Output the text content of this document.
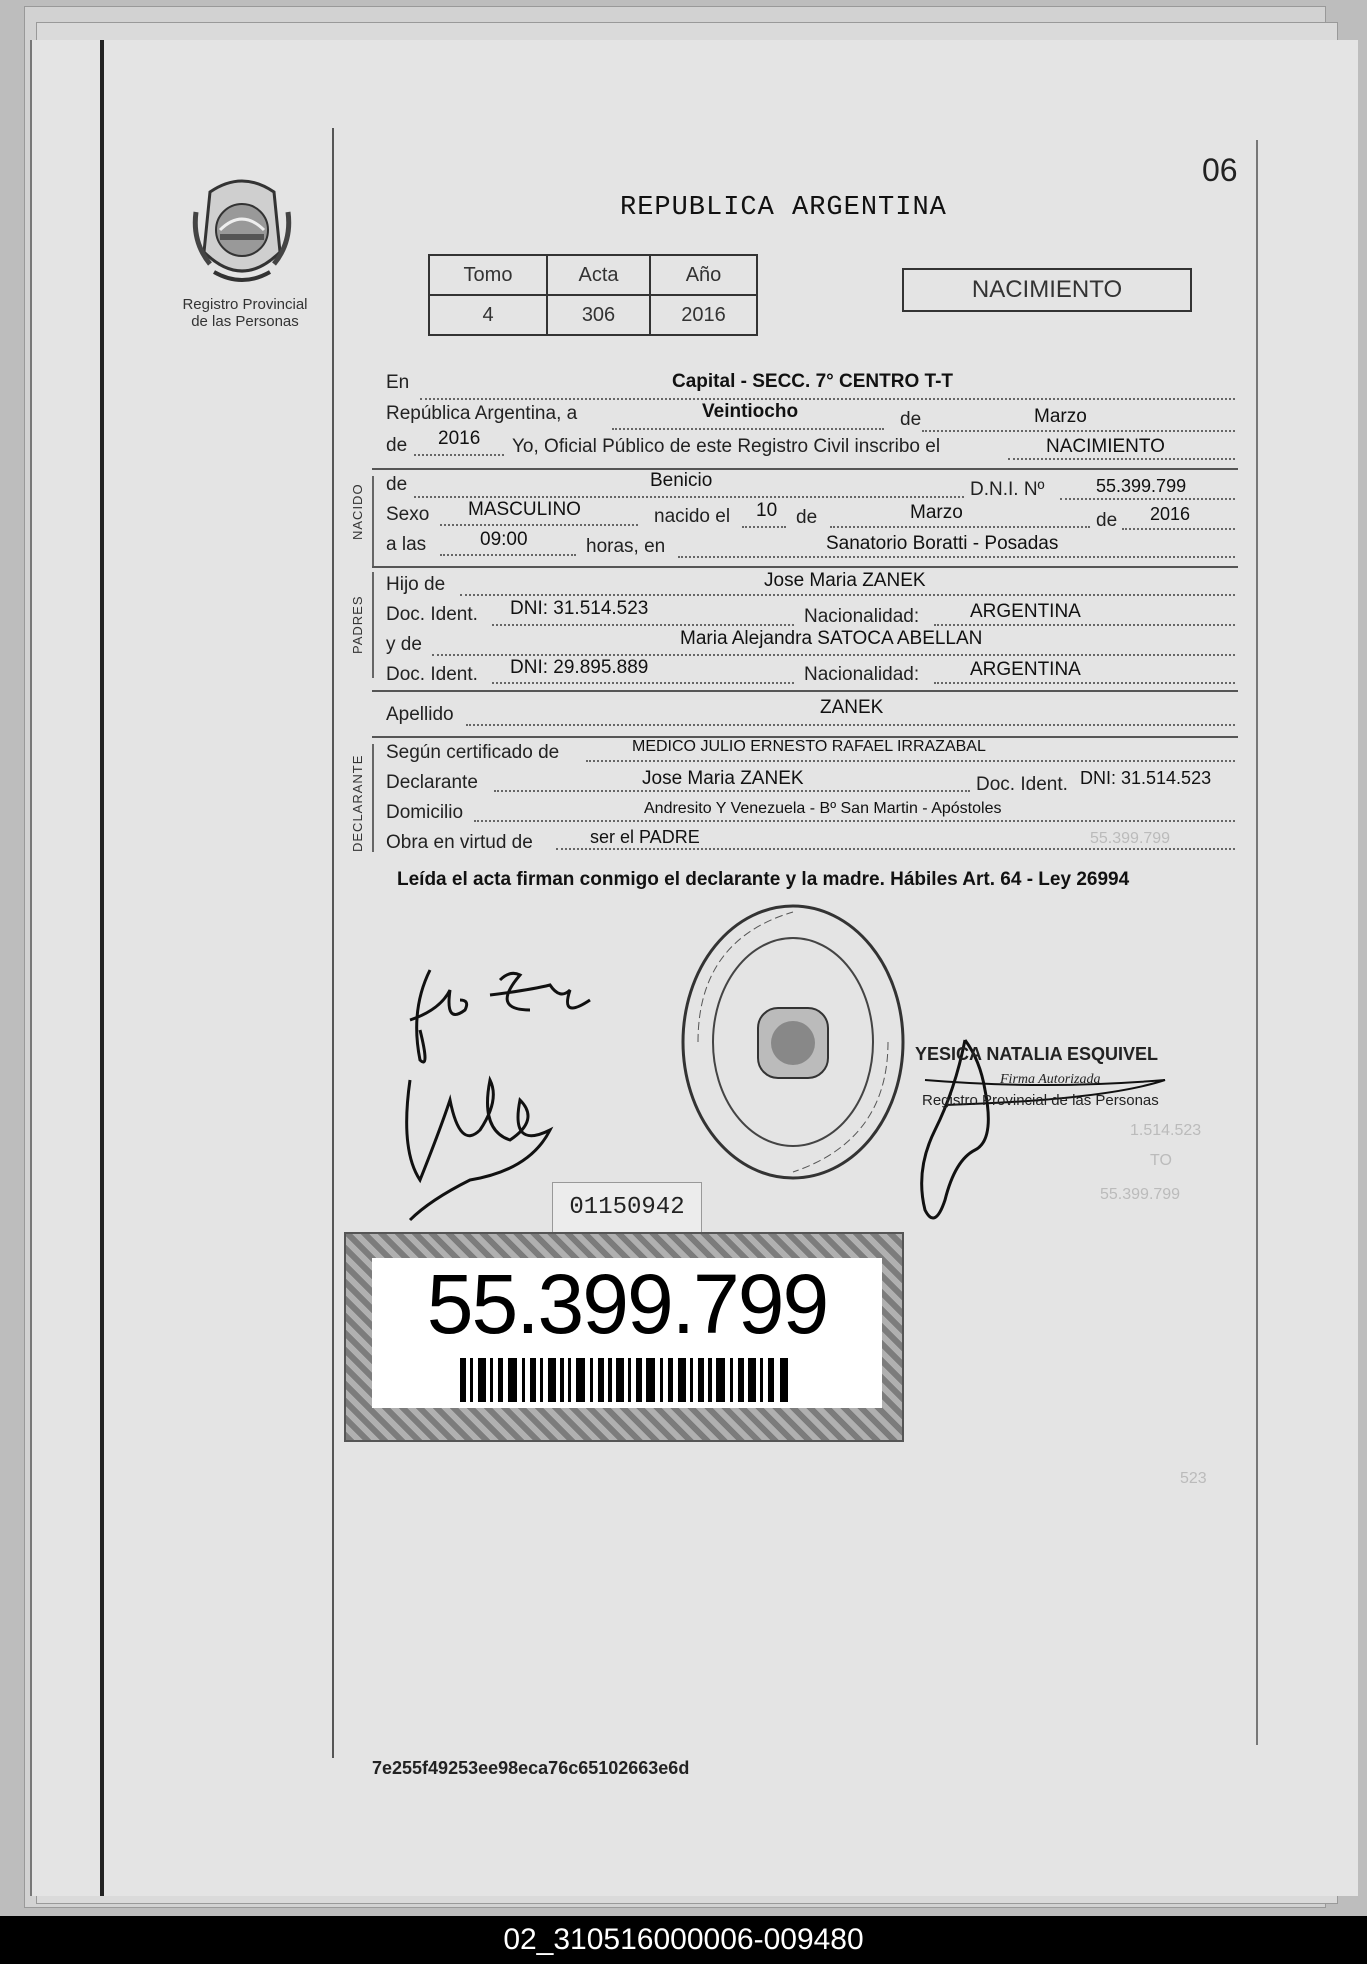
Registro Provincial
de las Personas
06
REPUBLICA ARGENTINA
Tomo	Acta	Año
4	306	2016
NACIMIENTO
En	Capital - SECC. 7° CENTRO T-T
República Argentina, a	Veintiocho	de	Marzo
de 2016 Yo, Oficial Público de este Registro Civil inscribo el	NACIMIENTO
NACIDO de	Benicio	D.N.I. Nº	55.399.799
Sexo MASCULINO	nacido el 10 de	Marzo	de 2016
a las	09:00	horas, en	Sanatorio Boratti - Posadas
PADRES
Hijo de	Jose Maria ZANEK
Doc. Ident. DNI: 31.514.523	Nacionalidad:	ARGENTINA
y de	Maria Alejandra SATOCA ABELLAN
Doc. Ident. DNI: 29.895.889	Nacionalidad:	ARGENTINA
Apellido	ZANEK
DECLARANTE
Según certificado de	MEDICO JULIO ERNESTO RAFAEL IRRAZABAL
Declarante	Jose Maria ZANEK	Doc. Ident. DNI: 31.514.523
Domicilio	Andresito Y Venezuela - Bº San Martin - Apóstoles
Obra en virtud de	ser el PADRE	55.399.799
Leída el acta firman conmigo el declarante y la madre. Hábiles Art. 64 - Ley 26994
YESICA NATALIA ESQUIVEL
Firma Autorizada
Registro Provincial de las Personas
1.514.523
TO
55.399.799
523
01150942
55.399.799
7e255f49253ee98eca76c65102663e6d
02_310516000006-009480
